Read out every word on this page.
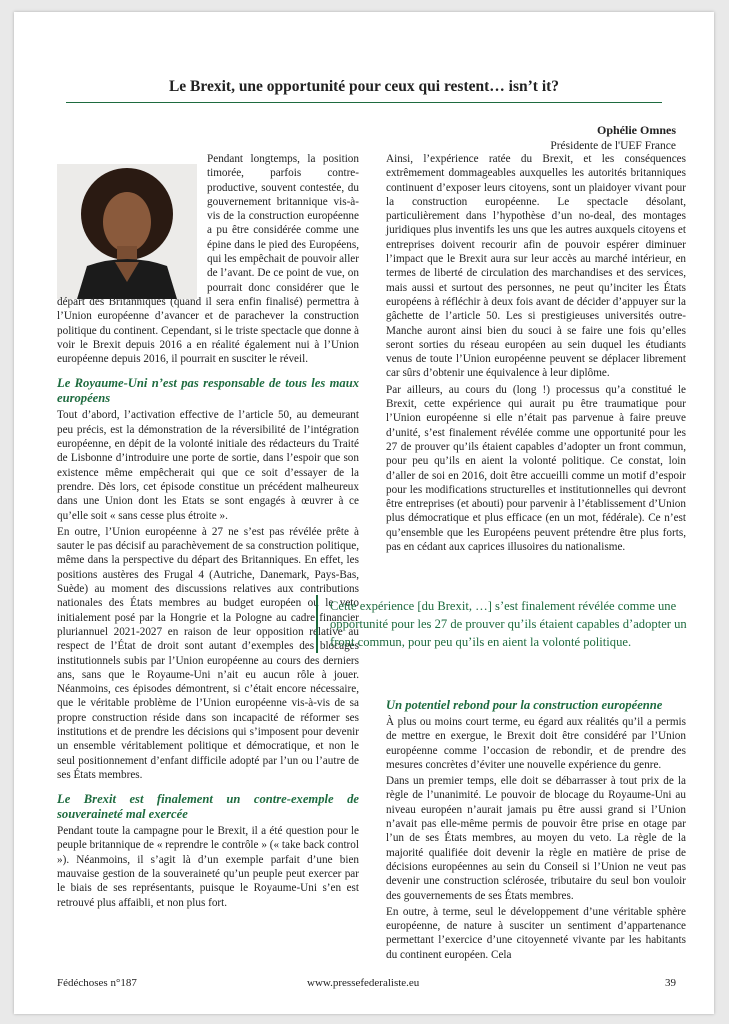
Le Brexit, une opportunité pour ceux qui restent… isn’t it?
Ophélie Omnes
Présidente de l'UEF France

Pendant longtemps, la position timorée, parfois contre-productive, souvent contestée, du gouvernement britannique vis-à-vis de la construction européenne a pu être considérée comme une épine dans le pied des Européens, qui les empêchait de pouvoir aller de l’avant. De ce point de vue, on pourrait donc considérer que le départ des Britanniques (quand il sera enfin finalisé) permettra à l’Union européenne d’avancer et de parachever la construction politique du continent. Cependant, si le triste spectacle que donne à voir le Brexit depuis 2016 a en réalité également nui à l’Union européenne depuis 2016, il pourrait en susciter le réveil.

Le Royaume-Uni n’est pas responsable de tous les maux européens

Tout d’abord, l’activation effective de l’article 50, au demeurant peu précis, est la démonstration de la réversibilité de l’intégration européenne, en dépit de la volonté initiale des rédacteurs du Traité de Lisbonne d’introduire une porte de sortie, dans l’espoir que son existence même empêcherait qui que ce soit d’essayer de la prendre. Dès lors, cet épisode constitue un précédent malheureux dans une Union dont les Etats se sont engagés à œuvrer à ce qu’elle soit « sans cesse plus étroite ».

En outre, l’Union européenne à 27 ne s’est pas révélée prête à sauter le pas décisif au parachèvement de sa construction politique, même dans la perspective du départ des Britanniques. En effet, les positions austères des Frugal 4 (Autriche, Danemark, Pays-Bas, Suède) au moment des discussions relatives aux contributions nationales des États membres au budget européen ou le veto initialement posé par la Hongrie et la Pologne au cadre financier pluriannuel 2021-2027 en raison de leur opposition relative au respect de l’État de droit sont autant d’exemples des blocages institutionnels subis par l’Union européenne au cours des derniers ans, sans que le Royaume-Uni n’ait eu aucun rôle à jouer. Néanmoins, ces épisodes démontrent, si c’était encore nécessaire, que le véritable problème de l’Union européenne vis-à-vis de sa propre construction réside dans son incapacité de réformer ses institutions et de prendre les décisions qui s’imposent pour devenir un ensemble véritablement politique et démocratique, et non le seul positionnement d’enfant difficile adopté par l’un ou l’autre de ses États membres.

Le Brexit est finalement un contre-exemple de souveraineté mal exercée

Pendant toute la campagne pour le Brexit, il a été question pour le peuple britannique de « reprendre le contrôle » (« take back control »). Néanmoins, il s’agit là d’un exemple parfait d’une bien mauvaise gestion de la souveraineté qu’un peuple peut exercer par le biais de ses représentants, puisque le Royaume-Uni s’en est retrouvé plus affaibli, et non plus fort.

Ainsi, l’expérience ratée du Brexit, et les conséquences extrêmement dommageables auxquelles les autorités britanniques continuent d’exposer leurs citoyens, sont un plaidoyer vivant pour la construction européenne. Le spectacle désolant, particulièrement dans l’hypothèse d’un no-deal, des montages juridiques plus inventifs les uns que les autres auxquels citoyens et entreprises doivent recourir afin de pouvoir espérer diminuer l’impact que le Brexit aura sur leur accès au marché intérieur, en termes de liberté de circulation des marchandises et des services, mais aussi et surtout des personnes, ne peut qu’inciter les États européens à réfléchir à deux fois avant de décider d’appuyer sur la gâchette de l’article 50. Les si prestigieuses universités outre-Manche auront ainsi bien du souci à se faire une fois qu’elles seront sorties du réseau européen au sein duquel les étudiants venus de toute l’Union européenne peuvent se déplacer librement car sûrs d’obtenir une équivalence à leur diplôme.

Par ailleurs, au cours du (long !) processus qu’a constitué le Brexit, cette expérience qui aurait pu être traumatique pour l’Union européenne si elle n’était pas parvenue à faire preuve d’unité, s’est finalement révélée comme une opportunité pour les 27 de prouver qu’ils étaient capables d’adopter un front commun, pour peu qu’ils en aient la volonté politique. Ce constat, loin d’aller de soi en 2016, doit être accueilli comme un motif d’espoir pour les modifications structurelles et institutionnelles qui devront être entreprises (et abouti) pour parvenir à l’établissement d’Union plus démocratique et plus efficace (en un mot, fédérale). Ce n’est qu’ensemble que les Européens peuvent prétendre être plus forts, pas en cédant aux caprices illusoires du nationalisme.

Cette expérience [du Brexit, …] s’est finalement révélée comme une opportunité pour les 27 de prouver qu’ils étaient capables d’adopter un front commun, pour peu qu’ils en aient la volonté politique.
Un potentiel rebond pour la construction européenne

À plus ou moins court terme, eu égard aux réalités qu’il a permis de mettre en exergue, le Brexit doit être considéré par l’Union européenne comme l’occasion de rebondir, et de prendre des mesures concrètes d’éviter une nouvelle expérience du genre.

Dans un premier temps, elle doit se débarrasser à tout prix de la règle de l’unanimité. Le pouvoir de blocage du Royaume-Uni au niveau européen n’aurait jamais pu être aussi grand si l’Union n’avait pas elle-même permis de pouvoir être prise en otage par l’un de ses États membres, au moyen du veto. La règle de la majorité qualifiée doit devenir la règle en matière de prise de décisions européennes au sein du Conseil si l’Union ne veut pas devenir une construction sclérosée, tributaire du seul bon vouloir des gouvernements de ses États membres.

En outre, à terme, seul le développement d’une véritable sphère européenne, de nature à susciter un sentiment d’appartenance permettant l’exercice d’une citoyenneté vivante par les habitants du continent européen. Cela

Fédéchoses n°187	www.pressefederaliste.eu	39
